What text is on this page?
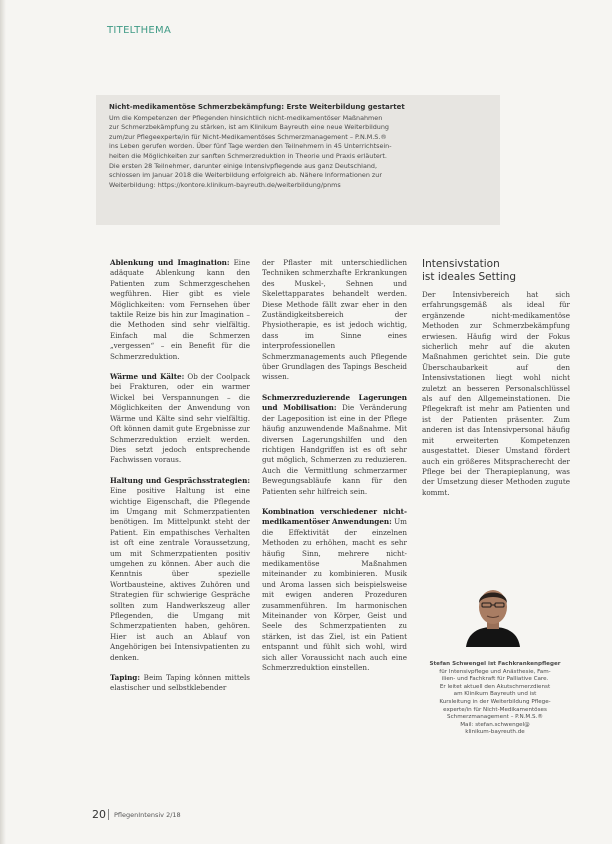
TITELTHEMA
Nicht-medikamentöse Schmerzbekämpfung: Erste Weiterbildung gestartet
Um die Kompetenzen der Pflegenden hinsichtlich nicht-medikamentöser Maßnahmen
zur Schmerzbekämpfung zu stärken, ist am Klinikum Bayreuth eine neue Weiterbildung
zum/zur Pflegeexperte/in für Nicht-Medikamentöses Schmerzmanagement – P.N.M.S.®
ins Leben gerufen worden. Über fünf Tage werden den Teilnehmern in 45 Unterrichtsein-
heiten die Möglichkeiten zur sanften Schmerzreduktion in Theorie und Praxis erläutert.
Die ersten 28 Teilnehmer, darunter einige Intensivpflegende aus ganz Deutschland,
schlossen im Januar 2018 die Weiterbildung erfolgreich ab. Nähere Informationen zur
Weiterbildung: https://kontore.klinikum-bayreuth.de/weiterbildung/pnms

Ablenkung und Imagination: Eine adäquate Ablenkung kann den Patienten zum Schmerzgeschehen wegführen. Hier gibt es viele Möglichkeiten: vom Fernsehen über taktile Reize bis hin zur Imagination – die Methoden sind sehr vielfältig. Einfach mal die Schmerzen „vergessen“ – ein Benefit für die Schmerzreduktion.

Wärme und Kälte: Ob der Coolpack bei Frakturen, oder ein warmer Wickel bei Verspannungen – die Möglichkeiten der Anwendung von Wärme und Kälte sind sehr vielfältig. Oft können damit gute Ergebnisse zur Schmerzreduktion erzielt werden. Dies setzt jedoch entsprechende Fachwissen voraus.

Haltung und Gesprächsstrategien: Eine positive Haltung ist eine wichtige Eigenschaft, die Pflegende im Umgang mit Schmerzpatienten benötigen. Im Mittelpunkt steht der Patient. Ein empathisches Verhalten ist oft eine zentrale Voraussetzung, um mit Schmerzpatienten positiv umgehen zu können. Aber auch die Kenntnis über spezielle Wortbausteine, aktives Zuhören und Strategien für schwierige Gespräche sollten zum Handwerkszeug aller Pflegenden, die Umgang mit Schmerzpatienten haben, gehören. Hier ist auch an Ablauf von Angehörigen bei Intensivpatienten zu denken.

Taping: Beim Taping können mittels elastischer und selbstklebender

der Pflaster mit unterschiedlichen Techniken schmerzhafte Erkrankungen des Muskel-, Sehnen und Skelettapparates behandelt werden. Diese Methode fällt zwar eher in den Zuständigkeitsbereich der Physiotherapie, es ist jedoch wichtig, dass im Sinne eines interprofessionellen Schmerzmanagements auch Pflegende über Grundlagen des Tapings Bescheid wissen.

Schmerzreduzierende Lagerungen und Mobilisation: Die Veränderung der Lageposition ist eine in der Pflege häufig anzuwendende Maßnahme. Mit diversen Lagerungshilfen und den richtigen Handgriffen ist es oft sehr gut möglich, Schmerzen zu reduzieren. Auch die Vermittlung schmerzarmer Bewegungsabläufe kann für den Patienten sehr hilfreich sein.

Kombination verschiedener nicht-medikamentöser Anwendungen: Um die Effektivität der einzelnen Methoden zu erhöhen, macht es sehr häufig Sinn, mehrere nicht-medikamentöse Maßnahmen miteinander zu kombinieren. Musik und Aroma lassen sich beispielsweise mit ewigen anderen Prozeduren zusammenführen. Im harmonischen Miteinander von Körper, Geist und Seele des Schmerzpatienten zu stärken, ist das Ziel, ist ein Patient entspannt und fühlt sich wohl, wird sich aller Voraussicht nach auch eine Schmerzreduktion einstellen.

Intensivstation
ist ideales Setting

Der Intensivbereich hat sich erfahrungsgemäß als ideal für ergänzende nicht-medikamentöse Methoden zur Schmerzbekämpfung erwiesen. Häufig wird der Fokus sicherlich mehr auf die akuten Maßnahmen gerichtet sein. Die gute Überschaubarkeit auf den Intensivstationen liegt wohl nicht zuletzt an besseren Personalschlüssel als auf den Allgemeinstationen. Die Pflegekraft ist mehr am Patienten und ist der Patienten präsenter. Zum anderen ist das Intensivpersonal häufig mit erweiterten Kompetenzen ausgestattet. Dieser Umstand fördert auch ein größeres Mitspracherecht der Pflege bei der Therapieplanung, was der Umsetzung dieser Methoden zugute kommt.

Stefan Schwengel ist Fachkrankenpfleger
für Intensivpflege und Anästhesie, Fam-
ilien- und Fachkraft für Palliative Care.
Er leitet aktuell den Akutschmerzdienst
am Klinikum Bayreuth und ist
Kursleitung in der Weiterbildung Pflege-
experte/in für Nicht-Medikamentöses
Schmerzmanagement – P.N.M.S.®
Mail: stefan.schwengel@
klinikum-bayreuth.de
20 PflegenIntensiv 2/18
